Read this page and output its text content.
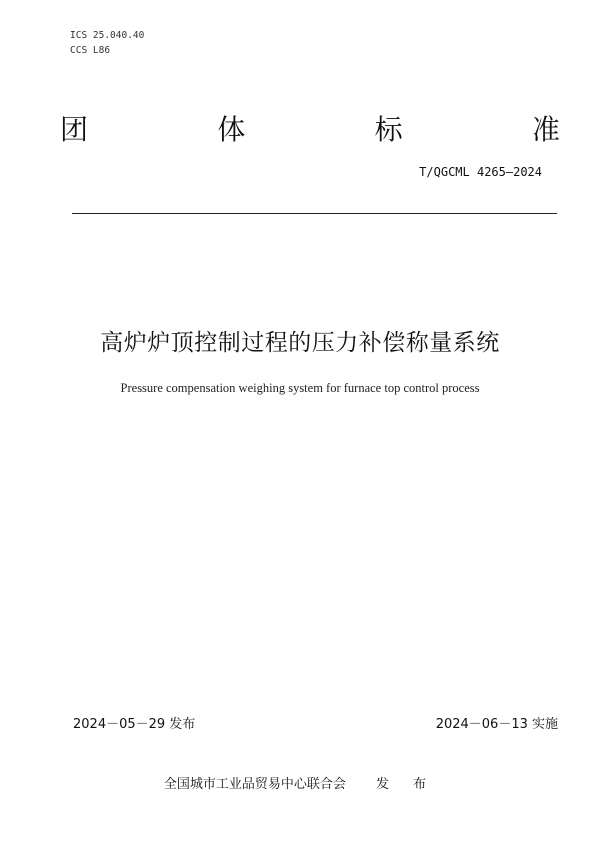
ICS 25.040.40
CCS L86
团	体	标	准
T/QGCML 4265—2024
高炉炉顶控制过程的压力补偿称量系统
Pressure compensation weighing system for furnace top control process
2024－05－29 发布	2024－06－13 实施
全国城市工业品贸易中心联合会 发 布
